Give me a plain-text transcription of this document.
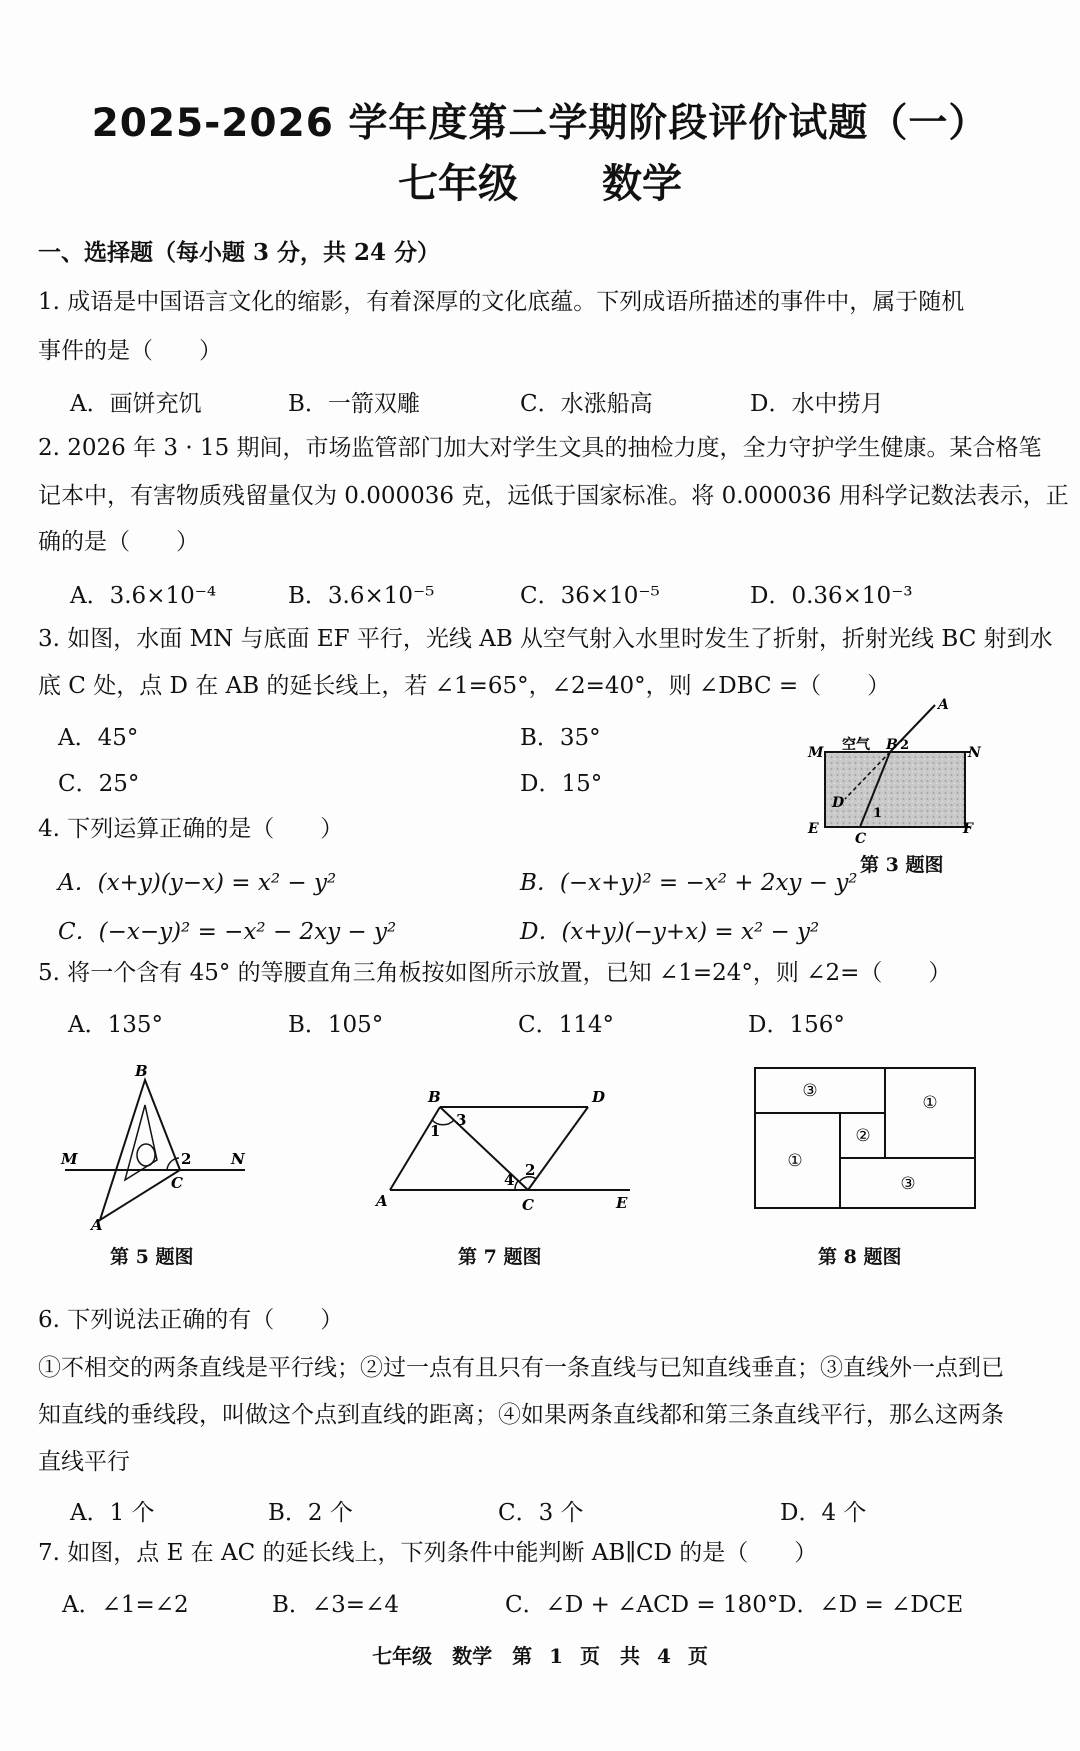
2025-2026 学年度第二学期阶段评价试题（一）
七年级　 数学
一、选择题（每小题 3 分，共 24 分）
1. 成语是中国语言文化的缩影，有着深厚的文化底蕴。下列成语所描述的事件中，属于随机
事件的是（　　）
A．画饼充饥	B．一箭双雕	C．水涨船高	D．水中捞月
2. 2026 年 3 · 15 期间，市场监管部门加大对学生文具的抽检力度，全力守护学生健康。某合格笔
记本中，有害物质残留量仅为 0.000036 克，远低于国家标准。将 0.000036 用科学记数法表示，正
确的是（　　）
A．3.6×10⁻⁴	B．3.6×10⁻⁵	C．36×10⁻⁵	D．0.36×10⁻³
3. 如图，水面 MN 与底面 EF 平行，光线 AB 从空气射入水里时发生了折射，折射光线 BC 射到水
底 C 处，点 D 在 AB 的延长线上，若 ∠1=65°，∠2=40°，则 ∠DBC =（　　）
A．45°	B．35°
C．25°	D．15°
空气
A
B
1
2
M	N
D
E
C
F
第 3 题图
4. 下列运算正确的是（　　）
A．(x+y)(y−x) = x² − y²	B．(−x+y)² = −x² + 2xy − y²
C．(−x−y)² = −x² − 2xy − y²	D．(x+y)(−y+x) = x² − y²
5. 将一个含有 45° 的等腰直角三角板按如图所示放置，已知 ∠1=24°，则 ∠2=（　　）
A．135°	B．105°	C．114°	D．156°
B
M	N
2
C
A
第 5 题图
B	D
3
1
4
2
A	C	E
第 7 题图
③
①
②
①
③
第 8 题图
6. 下列说法正确的有（　　）
①不相交的两条直线是平行线；②过一点有且只有一条直线与已知直线垂直；③直线外一点到已
知直线的垂线段，叫做这个点到直线的距离；④如果两条直线都和第三条直线平行，那么这两条
直线平行
A．1 个	B．2 个	C．3 个	D．4 个
7. 如图，点 E 在 AC 的延长线上，下列条件中能判断 AB∥CD 的是（　　）
A．∠1=∠2	B．∠3=∠4	C．∠D + ∠ACD = 180° D．∠D = ∠DCE
七年级　数学　第 1 页　共 4 页
